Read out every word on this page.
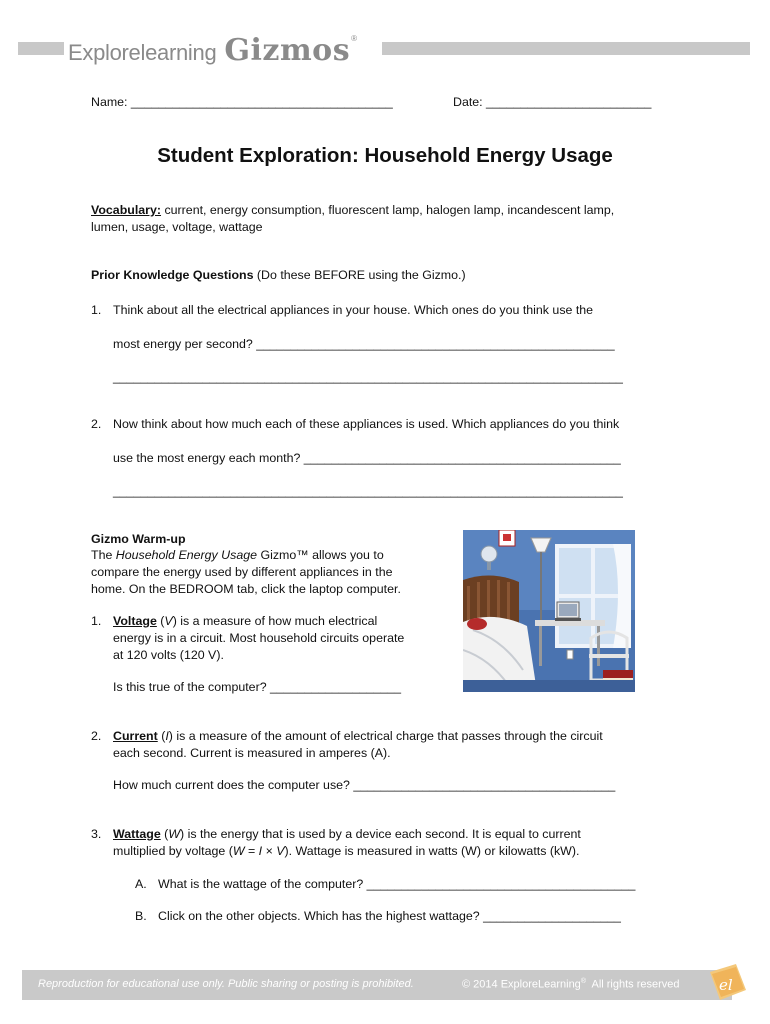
Explore learning Gizmos ®
Name: ______________________________________	Date: ________________________
Student Exploration: Household Energy Usage
Vocabulary: current, energy consumption, fluorescent lamp, halogen lamp, incandescent lamp,
lumen, usage, voltage, wattage
Prior Knowledge Questions (Do these BEFORE using the Gizmo.)
1. Think about all the electrical appliances in your house. Which ones do you think use the
most energy per second? ____________________________________________________
__________________________________________________________________________
2. Now think about how much each of these appliances is used. Which appliances do you think
use the most energy each month? ______________________________________________
__________________________________________________________________________
Gizmo Warm-up
The Household Energy Usage Gizmo™ allows you to
compare the energy used by different appliances in the
home. On the BEDROOM tab, click the laptop computer.
1. Voltage (V) is a measure of how much electrical
energy is in a circuit. Most household circuits operate
at 120 volts (120 V).
Is this true of the computer? ___________________
2. Current (I) is a measure of the amount of electrical charge that passes through the circuit
each second. Current is measured in amperes (A).
How much current does the computer use? ______________________________________
3. Wattage (W) is the energy that is used by a device each second. It is equal to current
multiplied by voltage (W = I × V). Wattage is measured in watts (W) or kilowatts (kW).
A. What is the wattage of the computer? _______________________________________
B. Click on the other objects. Which has the highest wattage? ____________________
Reproduction for educational use only. Public sharing or posting is prohibited.	© 2014 ExploreLearning®  All rights reserved	el
